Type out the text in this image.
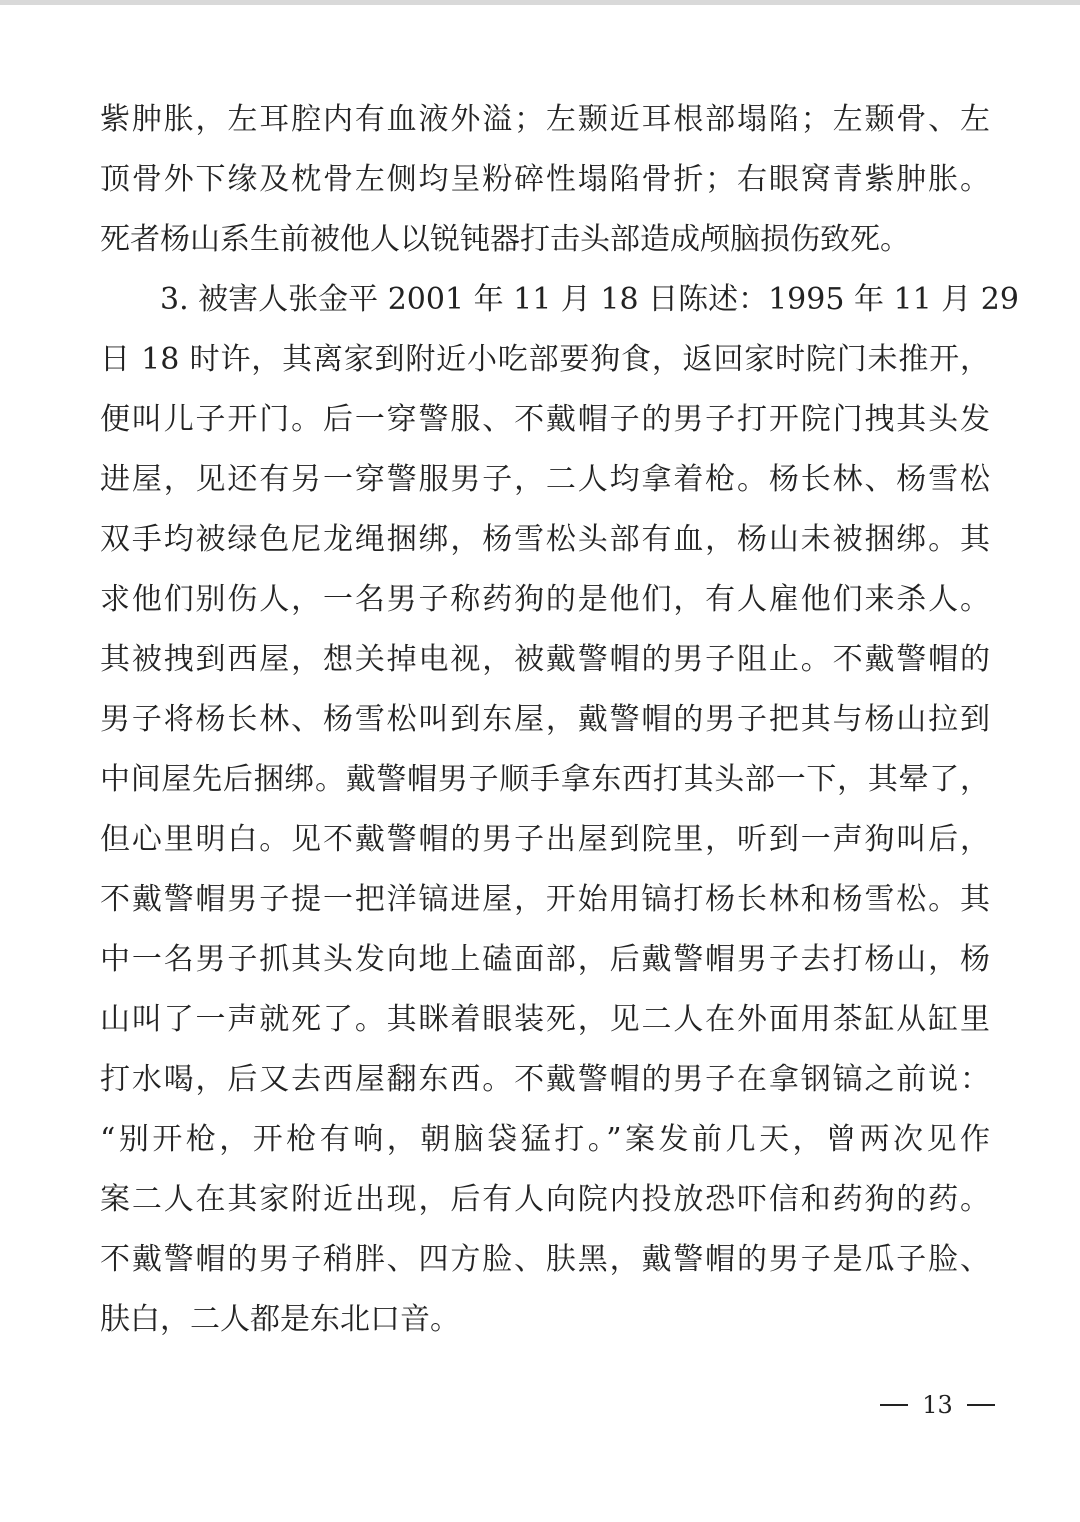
紫肿胀，左耳腔内有血液外溢；左颞近耳根部塌陷；左颞骨、左
顶骨外下缘及枕骨左侧均呈粉碎性塌陷骨折；右眼窝青紫肿胀。
死者杨山系生前被他人以锐钝器打击头部造成颅脑损伤致死。
3. 被害人张金平 2001 年 11 月 18 日陈述：1995 年 11 月 29
日 18 时许，其离家到附近小吃部要狗食，返回家时院门未推开，
便叫儿子开门。后一穿警服、不戴帽子的男子打开院门拽其头发
进屋，见还有另一穿警服男子，二人均拿着枪。杨长林、杨雪松
双手均被绿色尼龙绳捆绑，杨雪松头部有血，杨山未被捆绑。其
求他们别伤人，一名男子称药狗的是他们，有人雇他们来杀人。
其被拽到西屋，想关掉电视，被戴警帽的男子阻止。不戴警帽的
男子将杨长林、杨雪松叫到东屋，戴警帽的男子把其与杨山拉到
中间屋先后捆绑。戴警帽男子顺手拿东西打其头部一下，其晕了，
但心里明白。见不戴警帽的男子出屋到院里，听到一声狗叫后，
不戴警帽男子提一把洋镐进屋，开始用镐打杨长林和杨雪松。其
中一名男子抓其头发向地上磕面部，后戴警帽男子去打杨山，杨
山叫了一声就死了。其眯着眼装死，见二人在外面用茶缸从缸里
打水喝，后又去西屋翻东西。不戴警帽的男子在拿钢镐之前说：
“别开枪，开枪有响，朝脑袋猛打。”案发前几天，曾两次见作
案二人在其家附近出现，后有人向院内投放恐吓信和药狗的药。
不戴警帽的男子稍胖、四方脸、肤黑，戴警帽的男子是瓜子脸、
肤白，二人都是东北口音。
13
